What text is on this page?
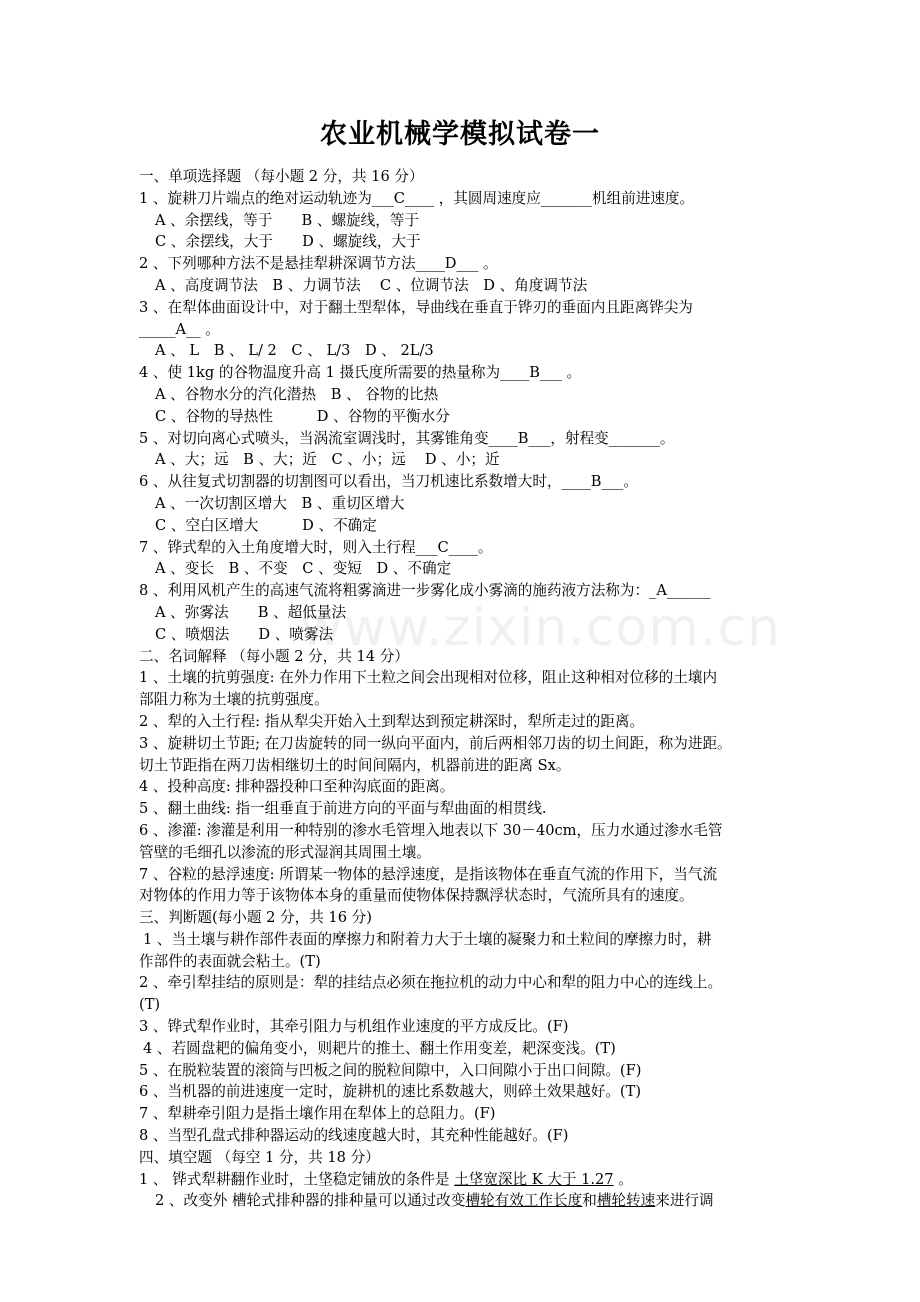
农业机械学模拟试卷一
www.zixin.com.cn
一、单项选择题 （每小题 2 分，共 16 分）
1 、旋耕刀片端点的绝对运动轨迹为___C____ ，其圆周速度应_______机组前进速度。
A 、余摆线，等于　　B 、螺旋线，等于
C 、余摆线，大于　　D 、螺旋线，大于
2 、下列哪种方法不是悬挂犁耕深调节方法____D___ 。
A 、高度调节法　B 、力调节法　 C 、位调节法　D 、角度调节法
3 、在犁体曲面设计中，对于翻土型犁体，导曲线在垂直于铧刃的垂面内且距离铧尖为
_____A__ 。
A 、 L　B 、 L/ 2　C 、 L/3　D 、 2L/3
4 、使 1kg 的谷物温度升高 1 摄氏度所需要的热量称为____B___ 。
A 、谷物水分的汽化潜热　B 、 谷物的比热
C 、谷物的导热性　　　D 、谷物的平衡水分
5 、对切向离心式喷头，当涡流室调浅时，其雾锥角变____B___，射程变_______。
A 、大；远　B 、大；近　C 、小；远　 D 、小；近
6 、从往复式切割器的切割图可以看出，当刀机速比系数增大时，____B___。
A 、一次切割区增大　B 、重切区增大
C 、空白区增大　　　D 、不确定
7 、铧式犁的入土角度增大时，则入土行程___C____。
A 、变长　B 、不变　C 、变短　D 、不确定
8 、利用风机产生的高速气流将粗雾滴进一步雾化成小雾滴的施药液方法称为：_A______
A 、弥雾法　　B 、超低量法
C 、喷烟法　　D 、喷雾法
二、名词解释 （每小题 2 分，共 14 分）
1 、土壤的抗剪强度: 在外力作用下土粒之间会出现相对位移，阻止这种相对位移的土壤内
部阻力称为土壤的抗剪强度。
2 、犁的入土行程: 指从犁尖开始入土到犁达到预定耕深时，犁所走过的距离。
3 、旋耕切土节距; 在刀齿旋转的同一纵向平面内，前后两相邻刀齿的切土间距，称为进距。
切土节距指在两刀齿相继切土的时间间隔内，机器前进的距离 Sx。
4 、投种高度: 排种器投种口至种沟底面的距离。
5 、翻土曲线: 指一组垂直于前进方向的平面与犁曲面的相贯线.
6 、渗灌: 渗灌是利用一种特别的渗水毛管埋入地表以下 30－40cm，压力水通过渗水毛管
管壁的毛细孔以渗流的形式湿润其周围土壤。
7 、谷粒的悬浮速度: 所谓某一物体的悬浮速度，是指该物体在垂直气流的作用下，当气流
对物体的作用力等于该物体本身的重量而使物体保持飘浮状态时，气流所具有的速度。
三、判断题(每小题 2 分，共 16 分)
1 、当土壤与耕作部件表面的摩擦力和附着力大于土壤的凝聚力和土粒间的摩擦力时，耕
作部件的表面就会粘土。(T)
2 、牵引犁挂结的原则是：犁的挂结点必须在拖拉机的动力中心和犁的阻力中心的连线上。
(T)
3 、铧式犁作业时，其牵引阻力与机组作业速度的平方成反比。(F)
4 、若圆盘耙的偏角变小，则耙片的推土、翻土作用变差，耙深变浅。(T)
5 、在脱粒装置的滚筒与凹板之间的脱粒间隙中，入口间隙小于出口间隙。(F)
6 、当机器的前进速度一定时，旋耕机的速比系数越大，则碎土效果越好。(T)
7 、犁耕牵引阻力是指土壤作用在犁体上的总阻力。(F)
8 、当型孔盘式排种器运动的线速度越大时，其充种性能越好。(F)
四、填空题 （每空 1 分，共 18 分）
1 、 铧式犁耕翻作业时，土垡稳定铺放的条件是 土垡宽深比 K 大于 1.27 。
2 、改变外 槽轮式排种器的排种量可以通过改变槽轮有效工作长度和槽轮转速来进行调
